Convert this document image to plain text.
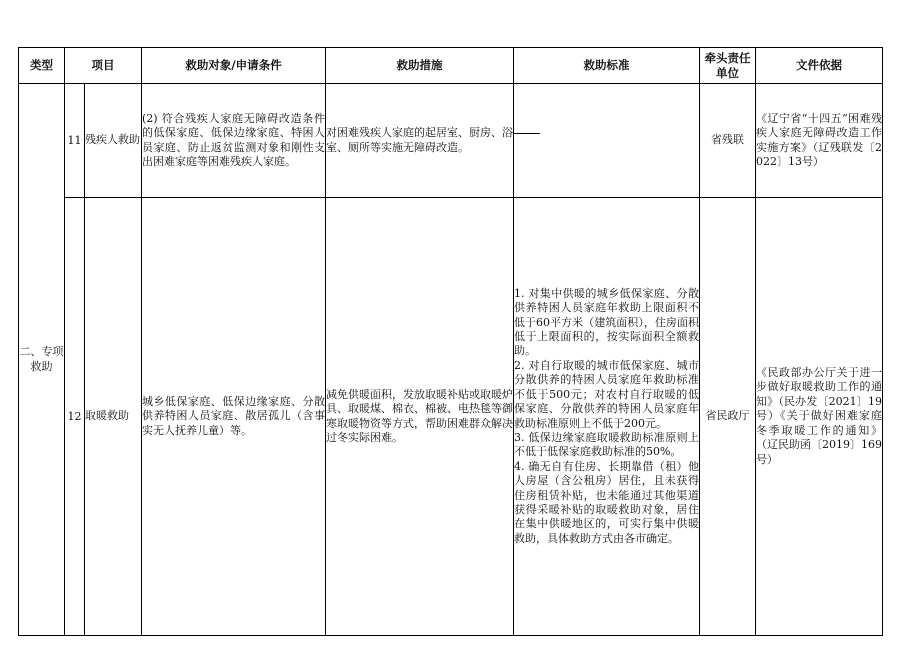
类型	项目		救助对象/申请条件	救助措施	救助标准	牵头责任单位	文件依据
二、专项救助	11	残疾人救助	(2) 符合残疾人家庭无障碍改造条件的低保家庭、低保边缘家庭、特困人员家庭、防止返贫监测对象和刚性支出困难家庭等困难残疾人家庭。	对困难残疾人家庭的起居室、厨房、浴室、厕所等实施无障碍改造。		省残联	《辽宁省“十四五”困难残疾人家庭无障碍改造工作实施方案》（辽残联发〔2022〕13号）
	12	取暖救助	城乡低保家庭、低保边缘家庭、分散供养特困人员家庭、散居孤儿（含事实无人抚养儿童）等。	减免供暖面积，发放取暖补贴或取暖炉具、取暖煤、棉衣、棉被、电热毯等御寒取暖物资等方式，帮助困难群众解决过冬实际困难。	1. 对集中供暖的城乡低保家庭、分散供养特困人员家庭年救助上限面积不低于60平方米（建筑面积），住房面积低于上限面积的，按实际面积全额救助。
2. 对自行取暖的城市低保家庭、城市分散供养的特困人员家庭年救助标准不低于500元；对农村自行取暖的低保家庭、分散供养的特困人员家庭年救助标准原则上不低于200元。
3. 低保边缘家庭取暖救助标准原则上不低于低保家庭救助标准的50%。
4. 确无自有住房、长期靠借（租）他人房屋（含公租房）居住，且未获得住房租赁补贴，也未能通过其他渠道获得采暖补贴的取暖救助对象，居住在集中供暖地区的，可实行集中供暖救助，具体救助方式由各市确定。	省民政厅	《民政部办公厅关于进一步做好取暖救助工作的通知》（民办发〔2021〕19号）《关于做好困难家庭冬季取暖工作的通知》（辽民助函〔2019〕169号）
